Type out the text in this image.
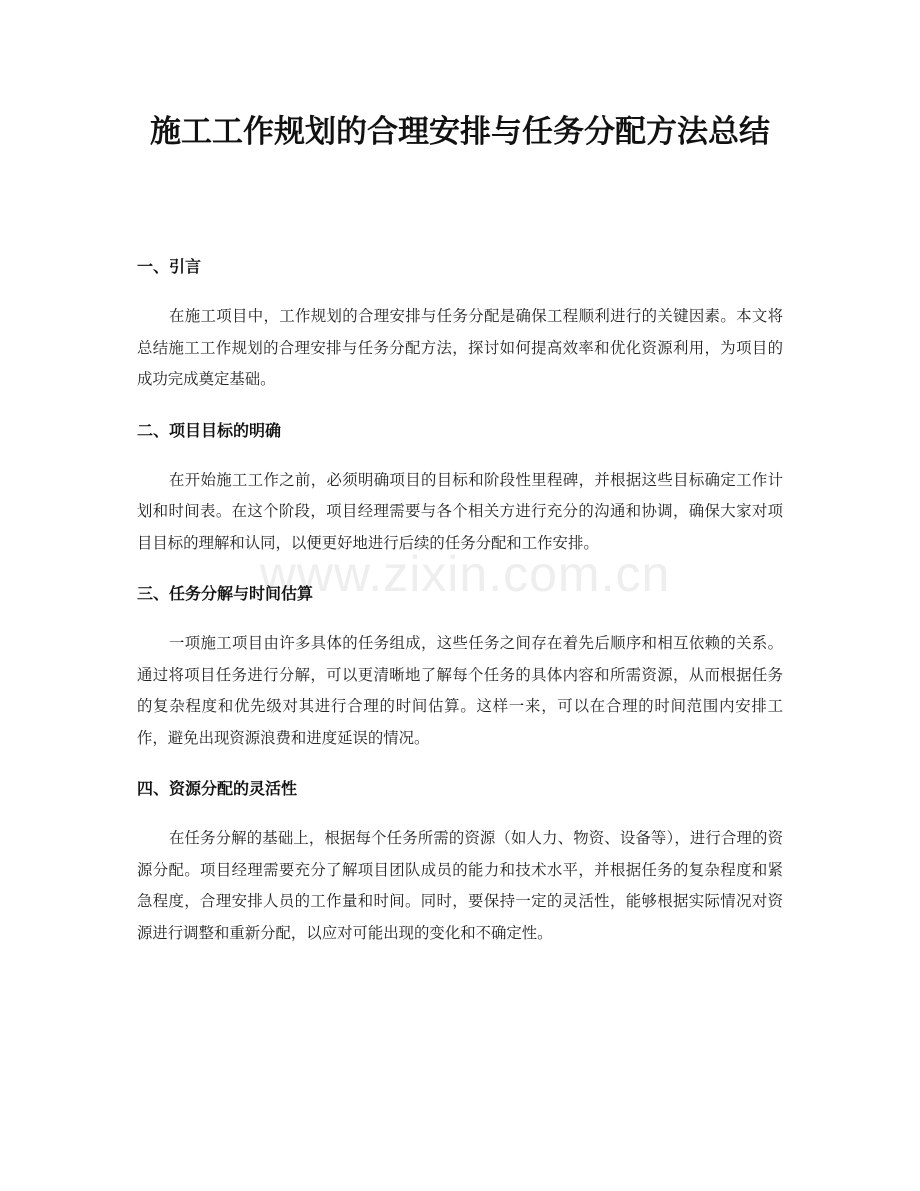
施工工作规划的合理安排与任务分配方法总结
www.zixin.com.cn
一、引言
在施工项目中，工作规划的合理安排与任务分配是确保工程顺利进行的关键因素。本文将总结施工工作规划的合理安排与任务分配方法，探讨如何提高效率和优化资源利用，为项目的成功完成奠定基础。
二、项目目标的明确
在开始施工工作之前，必须明确项目的目标和阶段性里程碑，并根据这些目标确定工作计划和时间表。在这个阶段，项目经理需要与各个相关方进行充分的沟通和协调，确保大家对项目目标的理解和认同，以便更好地进行后续的任务分配和工作安排。
三、任务分解与时间估算
一项施工项目由许多具体的任务组成，这些任务之间存在着先后顺序和相互依赖的关系。通过将项目任务进行分解，可以更清晰地了解每个任务的具体内容和所需资源，从而根据任务的复杂程度和优先级对其进行合理的时间估算。这样一来，可以在合理的时间范围内安排工作，避免出现资源浪费和进度延误的情况。
四、资源分配的灵活性
在任务分解的基础上，根据每个任务所需的资源（如人力、物资、设备等），进行合理的资源分配。项目经理需要充分了解项目团队成员的能力和技术水平，并根据任务的复杂程度和紧急程度，合理安排人员的工作量和时间。同时，要保持一定的灵活性，能够根据实际情况对资源进行调整和重新分配，以应对可能出现的变化和不确定性。
